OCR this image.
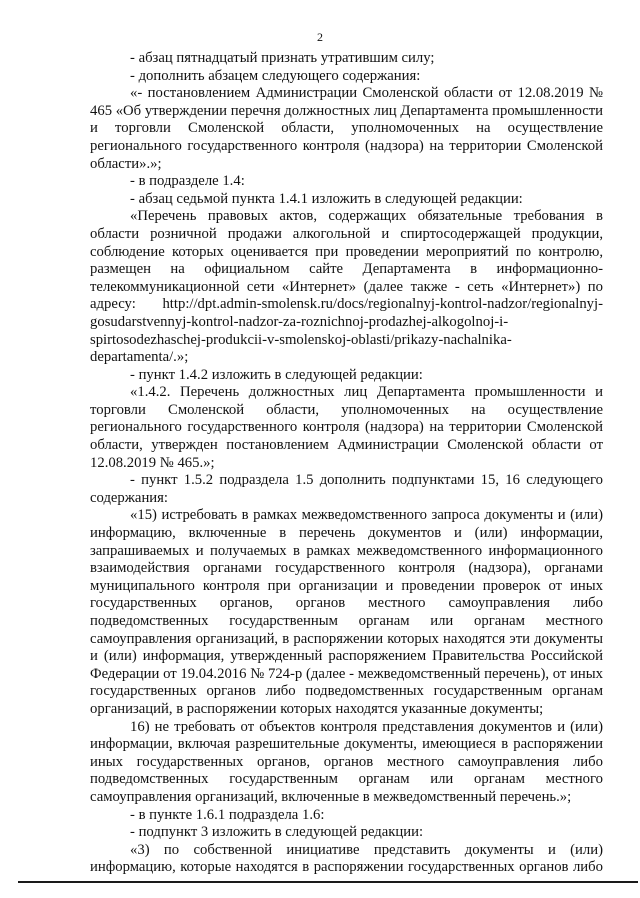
2

- абзац пятнадцатый признать утратившим силу;

- дополнить абзацем следующего содержания:

«- постановлением Администрации Смоленской области от 12.08.2019 № 465 «Об утверждении перечня должностных лиц Департамента промышленности и торговли Смоленской области, уполномоченных на осуществление регионального государственного контроля (надзора) на территории Смоленской области».»;

- в подразделе 1.4:

- абзац седьмой пункта 1.4.1 изложить в следующей редакции:

«Перечень правовых актов, содержащих обязательные требования в области розничной продажи алкогольной и спиртосодержащей продукции, соблюдение которых оценивается при проведении мероприятий по контролю, размещен на официальном сайте Департамента в информационно-телекоммуникационной сети «Интернет» (далее также - сеть «Интернет») по адресу: http://dpt.admin-smolensk.ru/docs/regionalnyj-kontrol-nadzor/regionalnyj-gosudarstvennyj-kontrol-nadzor-za-roznichnoj-prodazhej-alkogolnoj-i-spirtosodezhaschej-produkcii-v-smolenskoj-oblasti/prikazy-nachalnika-departamenta/.»;

- пункт 1.4.2 изложить в следующей редакции:

«1.4.2. Перечень должностных лиц Департамента промышленности и торговли Смоленской области, уполномоченных на осуществление регионального государственного контроля (надзора) на территории Смоленской области, утвержден постановлением Администрации Смоленской области от 12.08.2019 № 465.»;

- пункт 1.5.2 подраздела 1.5 дополнить подпунктами 15, 16 следующего содержания:

«15) истребовать в рамках межведомственного запроса документы и (или) информацию, включенные в перечень документов и (или) информации, запрашиваемых и получаемых в рамках межведомственного информационного взаимодействия органами государственного контроля (надзора), органами муниципального контроля при организации и проведении проверок от иных государственных органов, органов местного самоуправления либо подведомственных государственным органам или органам местного самоуправления организаций, в распоряжении которых находятся эти документы и (или) информация, утвержденный распоряжением Правительства Российской Федерации от 19.04.2016 № 724-р (далее - межведомственный перечень), от иных государственных органов либо подведомственных государственным органам организаций, в распоряжении которых находятся указанные документы;

16) не требовать от объектов контроля представления документов и (или) информации, включая разрешительные документы, имеющиеся в распоряжении иных государственных органов, органов местного самоуправления либо подведомственных государственным органам или органам местного самоуправления организаций, включенные в межведомственный перечень.»;

- в пункте 1.6.1 подраздела 1.6:

- подпункт 3 изложить в следующей редакции:

«3) по собственной инициативе представить документы и (или) информацию, которые находятся в распоряжении государственных органов либо
